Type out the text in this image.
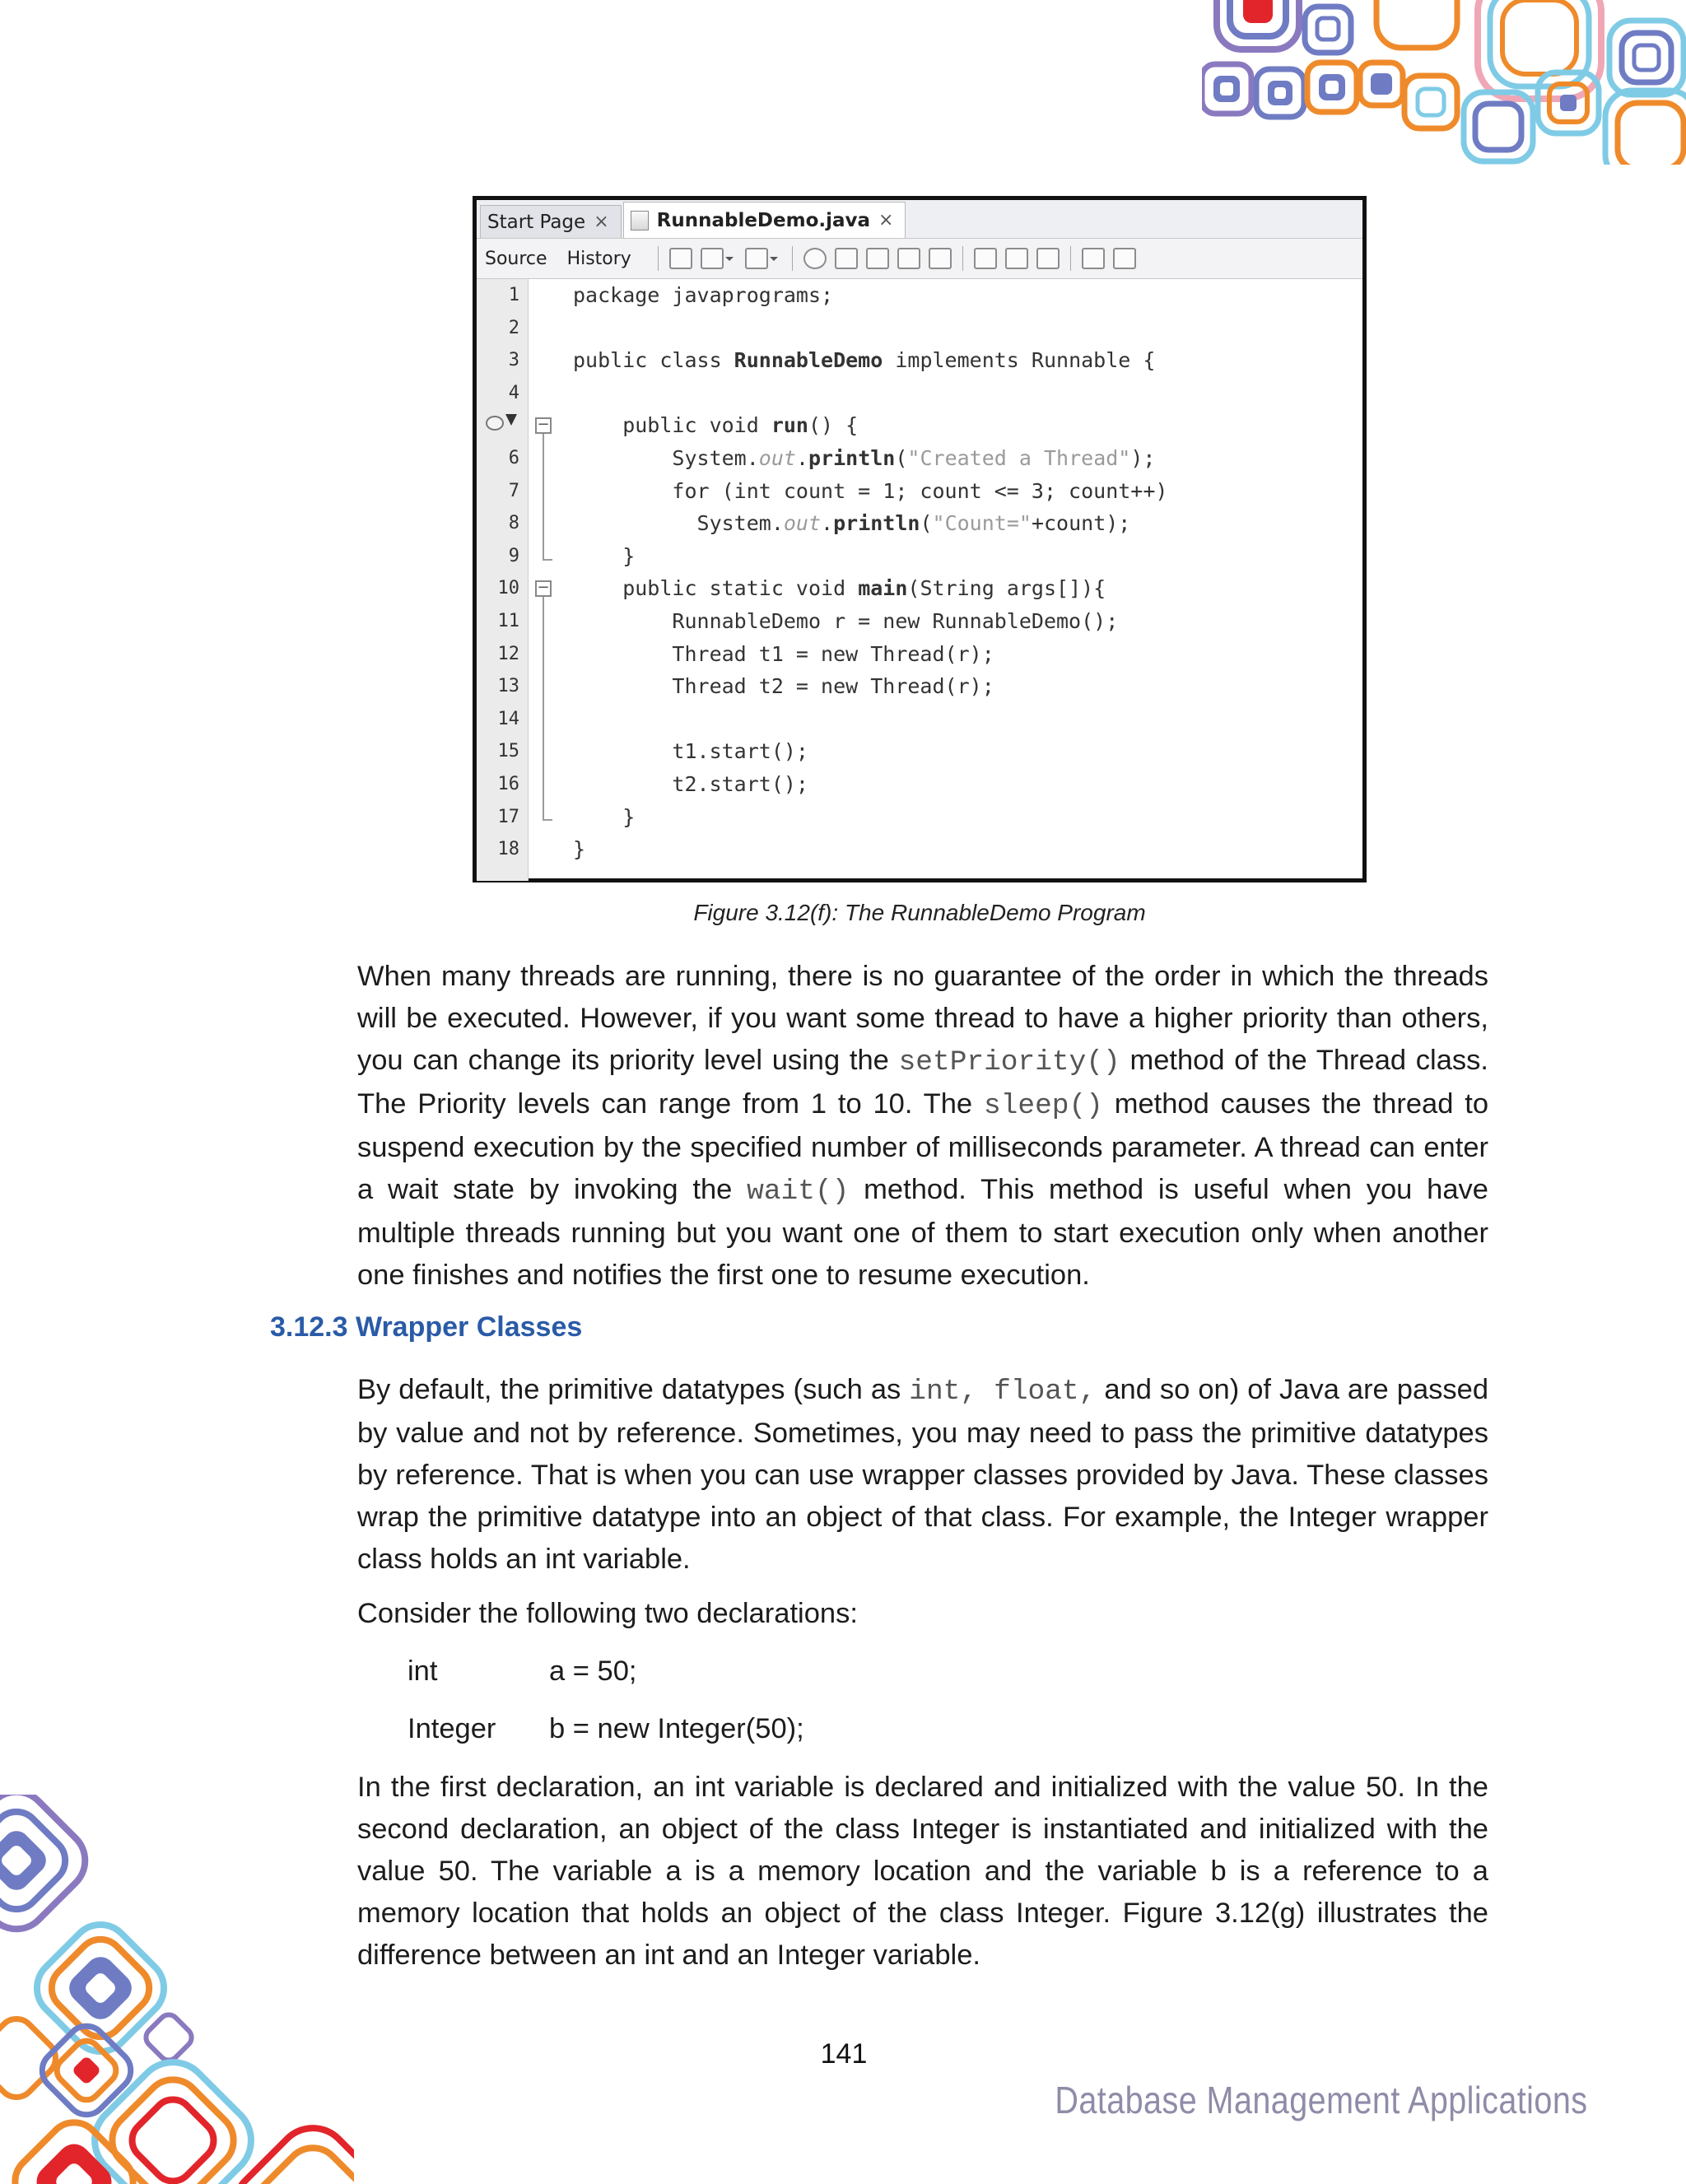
Start Page ×	RunnableDemo.java ×
Source History
1
2
3
4
6
7
8
9
10
11
12
13
14
15
16
17
18
−
−
package javaprograms;
public class RunnableDemo implements Runnable {
public void run() {
System.out.println("Created a Thread");
for (int count = 1; count <= 3; count++)
System.out.println("Count="+count);
}
public static void main(String args[]){
RunnableDemo r = new RunnableDemo();
Thread t1 = new Thread(r);
Thread t2 = new Thread(r);
t1.start();
t2.start();
}
}
Figure 3.12(f): The RunnableDemo Program

When many threads are running, there is no guarantee of the order in which the threads will be executed. However, if you want some thread to have a higher priority than others, you can change its priority level using the setPriority() method of the Thread class. The Priority levels can range from 1 to 10. The sleep() method causes the thread to suspend execution by the specified number of milliseconds parameter. A thread can enter a wait state by invoking the wait() method. This method is useful when you have multiple threads running but you want one of them to start execution only when another one finishes and notifies the first one to resume execution.

3.12.3 Wrapper Classes

By default, the primitive datatypes (such as int, float, and so on) of Java are passed by value and not by reference. Sometimes, you may need to pass the primitive datatypes by reference. That is when you can use wrapper classes provided by Java. These classes wrap the primitive datatype into an object of that class. For example, the Integer wrapper class holds an int variable.

Consider the following two declarations:

int	a = 50;
Integer b = new Integer(50);

In the first declaration, an int variable is declared and initialized with the value 50. In the second declaration, an object of the class Integer is instantiated and initialized with the value 50. The variable a is a memory location and the variable b is a reference to a memory location that holds an object of the class Integer. Figure 3.12(g) illustrates the difference between an int and an Integer variable.

141
Database Management Applications
